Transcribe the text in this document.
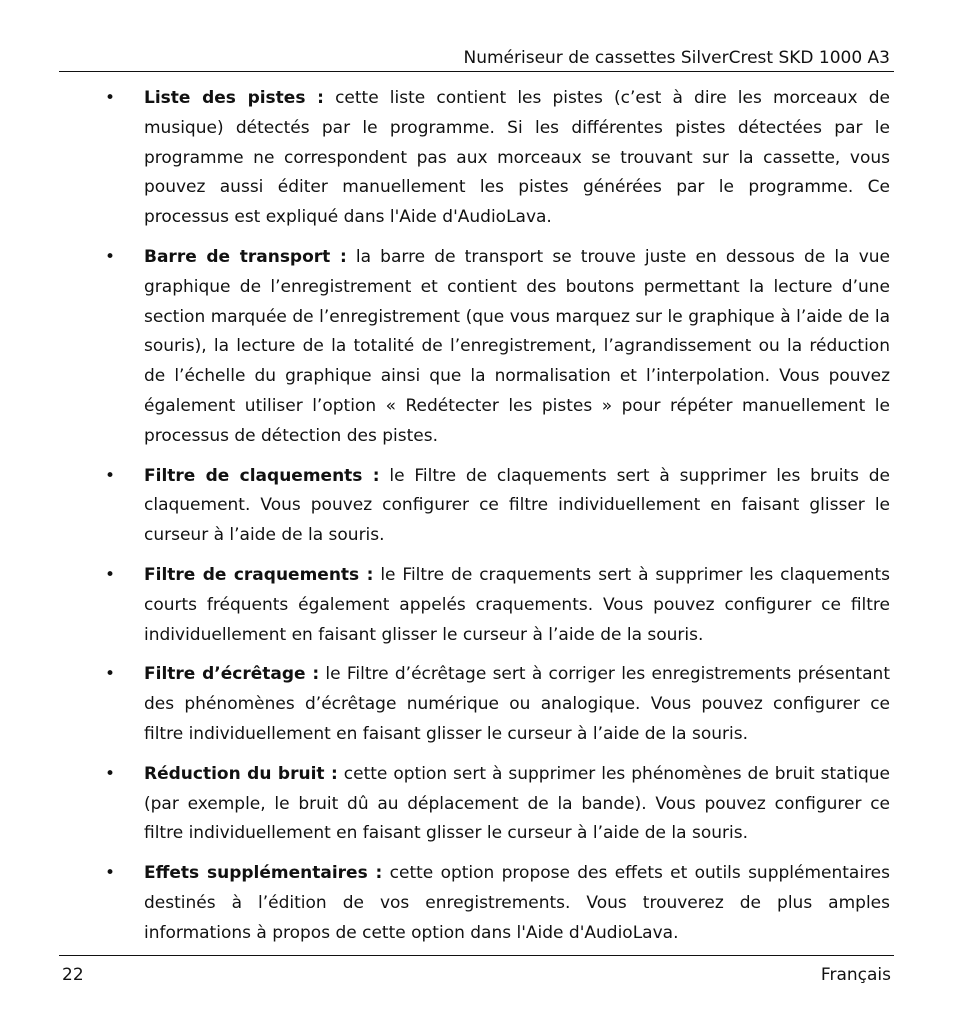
Numériseur de cassettes SilverCrest SKD 1000 A3
• Liste des pistes : cette liste contient les pistes (c’est à dire les morceaux de musique) détectés par le programme. Si les différentes pistes détectées par le programme ne correspondent pas aux morceaux se trouvant sur la cassette, vous pouvez aussi éditer manuellement les pistes générées par le programme. Ce processus est expliqué dans l'Aide d'AudioLava.
• Barre de transport : la barre de transport se trouve juste en dessous de la vue graphique de l’enregistrement et contient des boutons permettant la lecture d’une section marquée de l’enregistrement (que vous marquez sur le graphique à l’aide de la souris), la lecture de la totalité de l’enregistrement, l’agrandissement ou la réduction de l’échelle du graphique ainsi que la normalisation et l’interpolation. Vous pouvez également utiliser l’option « Redétecter les pistes » pour répéter manuellement le processus de détection des pistes.
• Filtre de claquements : le Filtre de claquements sert à supprimer les bruits de claquement. Vous pouvez configurer ce filtre individuellement en faisant glisser le curseur à l’aide de la souris.
• Filtre de craquements : le Filtre de craquements sert à supprimer les claquements courts fréquents également appelés craquements. Vous pouvez configurer ce filtre individuellement en faisant glisser le curseur à l’aide de la souris.
• Filtre d’écrêtage : le Filtre d’écrêtage sert à corriger les enregistrements présentant des phénomènes d’écrêtage numérique ou analogique. Vous pouvez configurer ce filtre individuellement en faisant glisser le curseur à l’aide de la souris.
• Réduction du bruit : cette option sert à supprimer les phénomènes de bruit statique (par exemple, le bruit dû au déplacement de la bande). Vous pouvez configurer ce filtre individuellement en faisant glisser le curseur à l’aide de la souris.
• Effets supplémentaires : cette option propose des effets et outils supplémentaires destinés à l’édition de vos enregistrements. Vous trouverez de plus amples informations à propos de cette option dans l'Aide d'AudioLava.
22	Français
